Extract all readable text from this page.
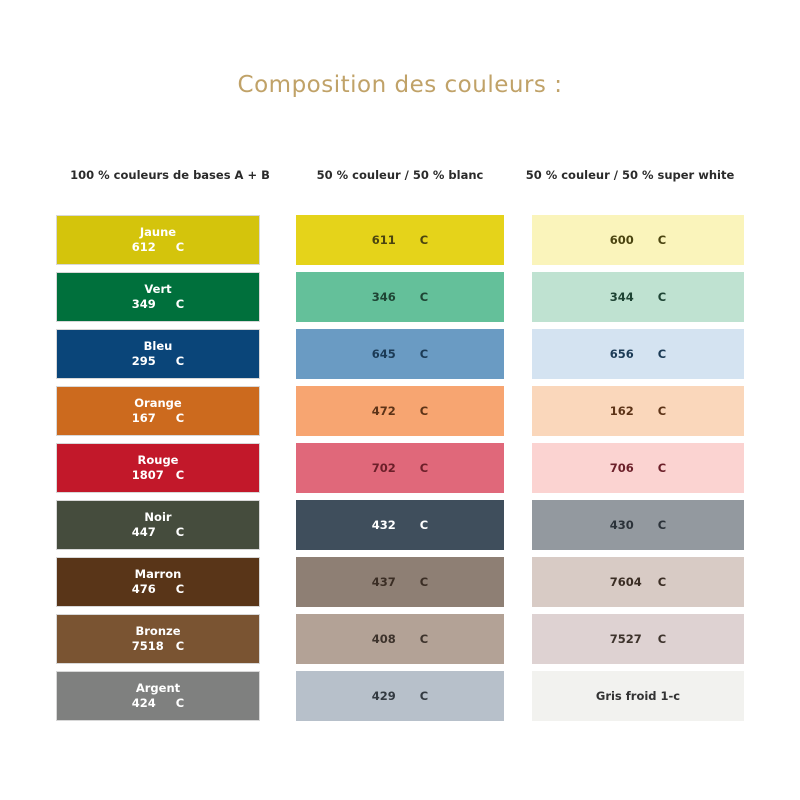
Composition des couleurs :
100 % couleurs de bases A + B	50 % couleur / 50 % blanc	50 % couleur / 50 % super white
Jaune
612     C	611      C	600      C
Vert
349     C	346      C	344      C
Bleu
295     C	645      C	656      C
Orange
167     C	472      C	162      C
Rouge
1807   C	702      C	706      C
Noir
447     C	432      C	430      C
Marron
476     C	437      C	7604    C
Bronze
7518   C	408      C	7527    C
Argent
424     C	429      C	Gris froid 1-c
